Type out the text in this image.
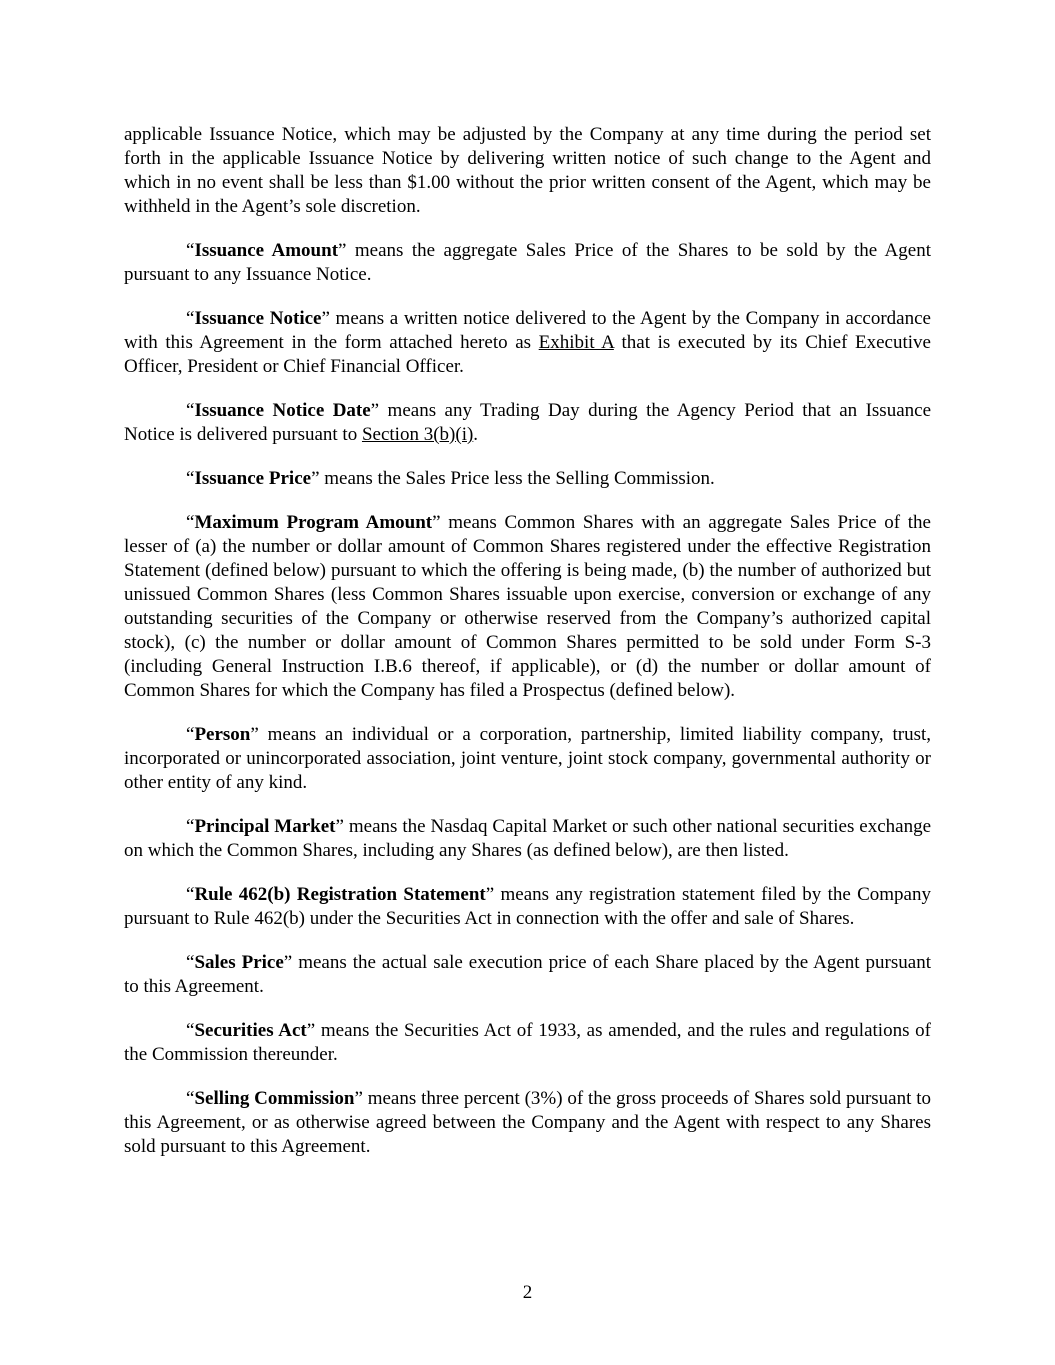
applicable Issuance Notice, which may be adjusted by the Company at any time during the period set forth in the applicable Issuance Notice by delivering written notice of such change to the Agent and which in no event shall be less than $1.00 without the prior written consent of the Agent, which may be withheld in the Agent’s sole discretion.

“Issuance Amount” means the aggregate Sales Price of the Shares to be sold by the Agent pursuant to any Issuance Notice.

“Issuance Notice” means a written notice delivered to the Agent by the Company in accordance with this Agreement in the form attached hereto as Exhibit A that is executed by its Chief Executive Officer, President or Chief Financial Officer.

“Issuance Notice Date” means any Trading Day during the Agency Period that an Issuance Notice is delivered pursuant to Section 3(b)(i).

“Issuance Price” means the Sales Price less the Selling Commission.

“Maximum Program Amount” means Common Shares with an aggregate Sales Price of the lesser of (a) the number or dollar amount of Common Shares registered under the effective Registration Statement (defined below) pursuant to which the offering is being made, (b) the number of authorized but unissued Common Shares (less Common Shares issuable upon exercise, conversion or exchange of any outstanding securities of the Company or otherwise reserved from the Company’s authorized capital stock), (c) the number or dollar amount of Common Shares permitted to be sold under Form S-3 (including General Instruction I.B.6 thereof, if applicable), or (d) the number or dollar amount of Common Shares for which the Company has filed a Prospectus (defined below).

“Person” means an individual or a corporation, partnership, limited liability company, trust, incorporated or unincorporated association, joint venture, joint stock company, governmental authority or other entity of any kind.

“Principal Market” means the Nasdaq Capital Market or such other national securities exchange on which the Common Shares, including any Shares (as defined below), are then listed.

“Rule 462(b) Registration Statement” means any registration statement filed by the Company pursuant to Rule 462(b) under the Securities Act in connection with the offer and sale of Shares.

“Sales Price” means the actual sale execution price of each Share placed by the Agent pursuant to this Agreement.

“Securities Act” means the Securities Act of 1933, as amended, and the rules and regulations of the Commission thereunder.

“Selling Commission” means three percent (3%) of the gross proceeds of Shares sold pursuant to this Agreement, or as otherwise agreed between the Company and the Agent with respect to any Shares sold pursuant to this Agreement.

2
